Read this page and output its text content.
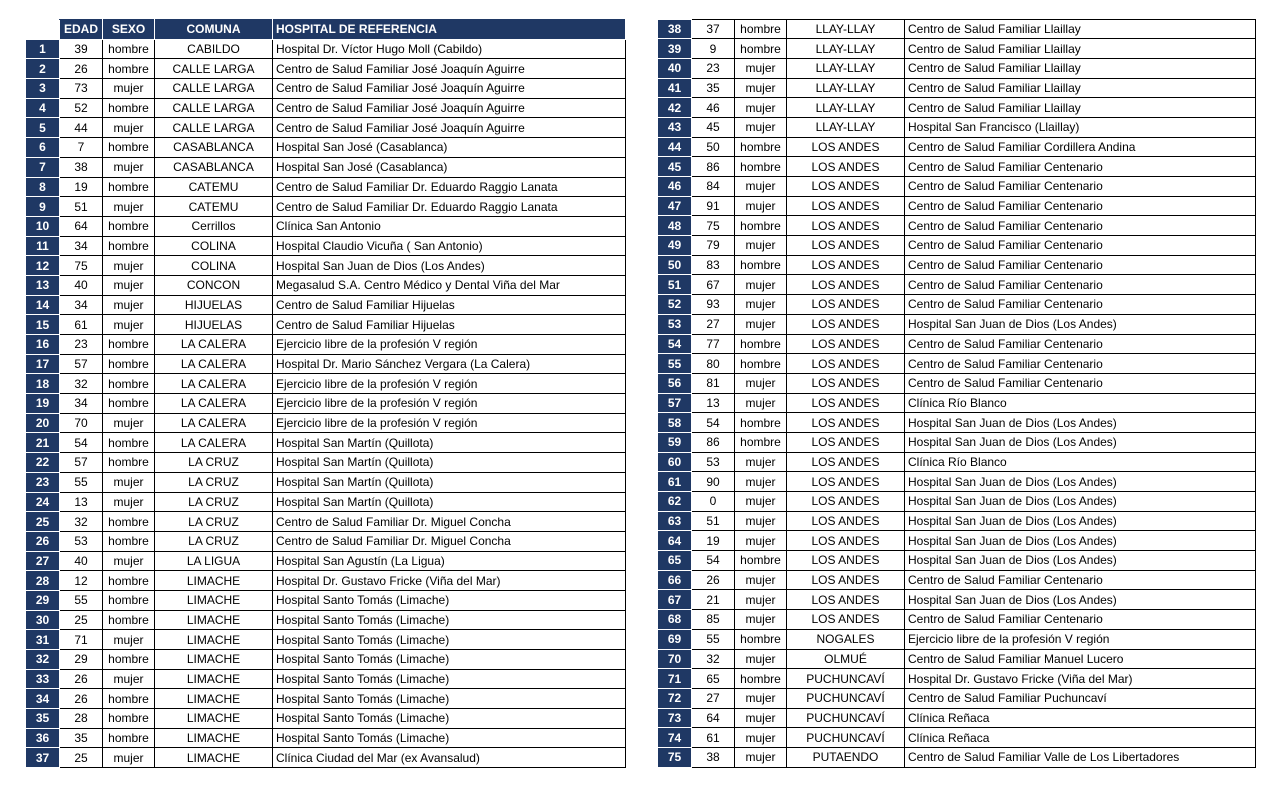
	EDAD	SEXO	COMUNA	HOSPITAL DE REFERENCIA
1	39	hombre	CABILDO	Hospital Dr. Víctor Hugo Moll (Cabildo)
2	26	hombre	CALLE LARGA	Centro de Salud Familiar José Joaquín Aguirre
3	73	mujer	CALLE LARGA	Centro de Salud Familiar José Joaquín Aguirre
4	52	hombre	CALLE LARGA	Centro de Salud Familiar José Joaquín Aguirre
5	44	mujer	CALLE LARGA	Centro de Salud Familiar José Joaquín Aguirre
6	7	hombre	CASABLANCA	Hospital San José (Casablanca)
7	38	mujer	CASABLANCA	Hospital San José (Casablanca)
8	19	hombre	CATEMU	Centro de Salud Familiar Dr. Eduardo Raggio Lanata
9	51	mujer	CATEMU	Centro de Salud Familiar Dr. Eduardo Raggio Lanata
10	64	hombre	Cerrillos	Clínica San Antonio
11	34	hombre	COLINA	Hospital Claudio Vicuña ( San Antonio)
12	75	mujer	COLINA	Hospital San Juan de Dios (Los Andes)
13	40	mujer	CONCON	Megasalud S.A. Centro Médico y Dental Viña del Mar
14	34	mujer	HIJUELAS	Centro de Salud Familiar Hijuelas
15	61	mujer	HIJUELAS	Centro de Salud Familiar Hijuelas
16	23	hombre	LA CALERA	Ejercicio libre de la profesión V región
17	57	hombre	LA CALERA	Hospital Dr. Mario Sánchez Vergara (La Calera)
18	32	hombre	LA CALERA	Ejercicio libre de la profesión V región
19	34	hombre	LA CALERA	Ejercicio libre de la profesión V región
20	70	mujer	LA CALERA	Ejercicio libre de la profesión V región
21	54	hombre	LA CALERA	Hospital San Martín (Quillota)
22	57	hombre	LA CRUZ	Hospital San Martín (Quillota)
23	55	mujer	LA CRUZ	Hospital San Martín (Quillota)
24	13	mujer	LA CRUZ	Hospital San Martín (Quillota)
25	32	hombre	LA CRUZ	Centro de Salud Familiar Dr. Miguel Concha
26	53	hombre	LA CRUZ	Centro de Salud Familiar Dr. Miguel Concha
27	40	mujer	LA LIGUA	Hospital San Agustín (La Ligua)
28	12	hombre	LIMACHE	Hospital Dr. Gustavo Fricke (Viña del Mar)
29	55	hombre	LIMACHE	Hospital Santo Tomás (Limache)
30	25	hombre	LIMACHE	Hospital Santo Tomás (Limache)
31	71	mujer	LIMACHE	Hospital Santo Tomás (Limache)
32	29	hombre	LIMACHE	Hospital Santo Tomás (Limache)
33	26	mujer	LIMACHE	Hospital Santo Tomás (Limache)
34	26	hombre	LIMACHE	Hospital Santo Tomás (Limache)
35	28	hombre	LIMACHE	Hospital Santo Tomás (Limache)
36	35	hombre	LIMACHE	Hospital Santo Tomás (Limache)
37	25	mujer	LIMACHE	Clínica Ciudad del Mar (ex Avansalud)

38	37	hombre	LLAY-LLAY	Centro de Salud Familiar Llaillay
39	9	hombre	LLAY-LLAY	Centro de Salud Familiar Llaillay
40	23	mujer	LLAY-LLAY	Centro de Salud Familiar Llaillay
41	35	mujer	LLAY-LLAY	Centro de Salud Familiar Llaillay
42	46	mujer	LLAY-LLAY	Centro de Salud Familiar Llaillay
43	45	mujer	LLAY-LLAY	Hospital San Francisco (Llaillay)
44	50	hombre	LOS ANDES	Centro de Salud Familiar Cordillera Andina
45	86	hombre	LOS ANDES	Centro de Salud Familiar Centenario
46	84	mujer	LOS ANDES	Centro de Salud Familiar Centenario
47	91	mujer	LOS ANDES	Centro de Salud Familiar Centenario
48	75	hombre	LOS ANDES	Centro de Salud Familiar Centenario
49	79	mujer	LOS ANDES	Centro de Salud Familiar Centenario
50	83	hombre	LOS ANDES	Centro de Salud Familiar Centenario
51	67	mujer	LOS ANDES	Centro de Salud Familiar Centenario
52	93	mujer	LOS ANDES	Centro de Salud Familiar Centenario
53	27	mujer	LOS ANDES	Hospital San Juan de Dios (Los Andes)
54	77	hombre	LOS ANDES	Centro de Salud Familiar Centenario
55	80	hombre	LOS ANDES	Centro de Salud Familiar Centenario
56	81	mujer	LOS ANDES	Centro de Salud Familiar Centenario
57	13	mujer	LOS ANDES	Clínica Río Blanco
58	54	hombre	LOS ANDES	Hospital San Juan de Dios (Los Andes)
59	86	hombre	LOS ANDES	Hospital San Juan de Dios (Los Andes)
60	53	mujer	LOS ANDES	Clínica Río Blanco
61	90	mujer	LOS ANDES	Hospital San Juan de Dios (Los Andes)
62	0	mujer	LOS ANDES	Hospital San Juan de Dios (Los Andes)
63	51	mujer	LOS ANDES	Hospital San Juan de Dios (Los Andes)
64	19	mujer	LOS ANDES	Hospital San Juan de Dios (Los Andes)
65	54	hombre	LOS ANDES	Hospital San Juan de Dios (Los Andes)
66	26	mujer	LOS ANDES	Centro de Salud Familiar Centenario
67	21	mujer	LOS ANDES	Hospital San Juan de Dios (Los Andes)
68	85	mujer	LOS ANDES	Centro de Salud Familiar Centenario
69	55	hombre	NOGALES	Ejercicio libre de la profesión V región
70	32	mujer	OLMUÉ	Centro de Salud Familiar Manuel Lucero
71	65	hombre	PUCHUNCAVÍ	Hospital Dr. Gustavo Fricke (Viña del Mar)
72	27	mujer	PUCHUNCAVÍ	Centro de Salud Familiar Puchuncaví
73	64	mujer	PUCHUNCAVÍ	Clínica Reñaca
74	61	mujer	PUCHUNCAVÍ	Clínica Reñaca
75	38	mujer	PUTAENDO	Centro de Salud Familiar Valle de Los Libertadores
